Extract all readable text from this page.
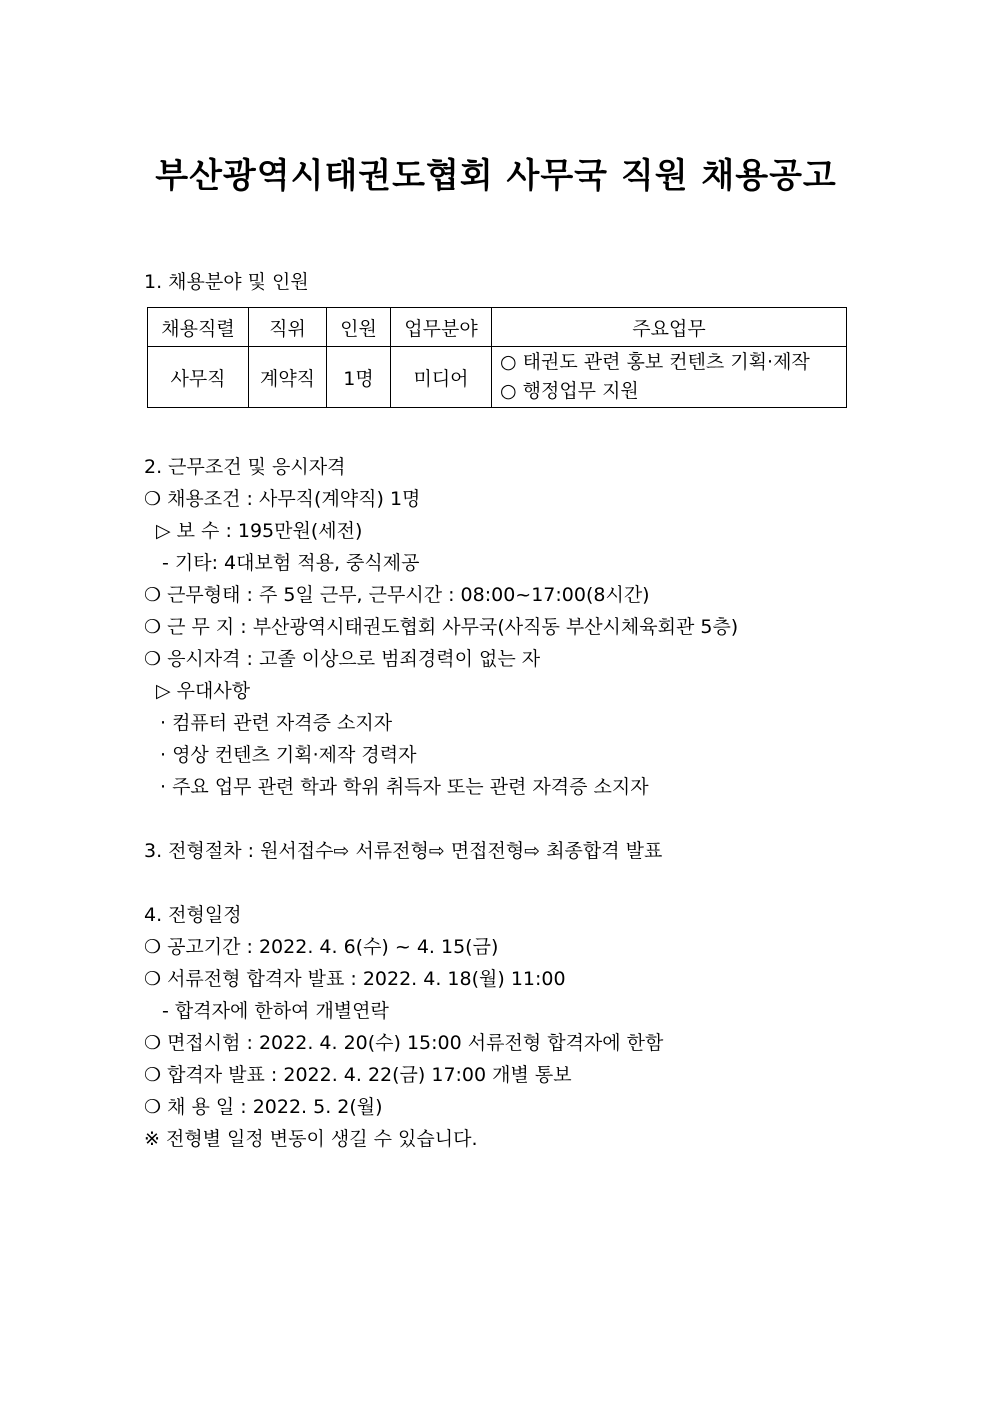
부산광역시태권도협회 사무국 직원 채용공고
1. 채용분야 및 인원
채용직렬	직위	인원	업무분야	주요업무
사무직	계약직	1명	미디어	○ 태권도 관련 홍보 컨텐츠 기획·제작
○ 행정업무 지원
2. 근무조건 및 응시자격
❍ 채용조건 : 사무직(계약직) 1명
▷ 보 수 : 195만원(세전)
- 기타: 4대보험 적용, 중식제공
❍ 근무형태 : 주 5일 근무, 근무시간 : 08:00~17:00(8시간)
❍ 근 무 지 : 부산광역시태권도협회 사무국(사직동 부산시체육회관 5층)
❍ 응시자격 : 고졸 이상으로 범죄경력이 없는 자
▷ 우대사항
· 컴퓨터 관련 자격증 소지자
· 영상 컨텐츠 기획·제작 경력자
· 주요 업무 관련 학과 학위 취득자 또는 관련 자격증 소지자
3. 전형절차 : 원서접수⇨ 서류전형⇨ 면접전형⇨ 최종합격 발표
4. 전형일정
❍ 공고기간 : 2022. 4. 6(수) ~ 4. 15(금)
❍ 서류전형 합격자 발표 : 2022. 4. 18(월) 11:00
- 합격자에 한하여 개별연락
❍ 면접시험 : 2022. 4. 20(수) 15:00 서류전형 합격자에 한함
❍ 합격자 발표 : 2022. 4. 22(금) 17:00 개별 통보
❍ 채 용 일 : 2022. 5. 2(월)
※ 전형별 일정 변동이 생길 수 있습니다.
